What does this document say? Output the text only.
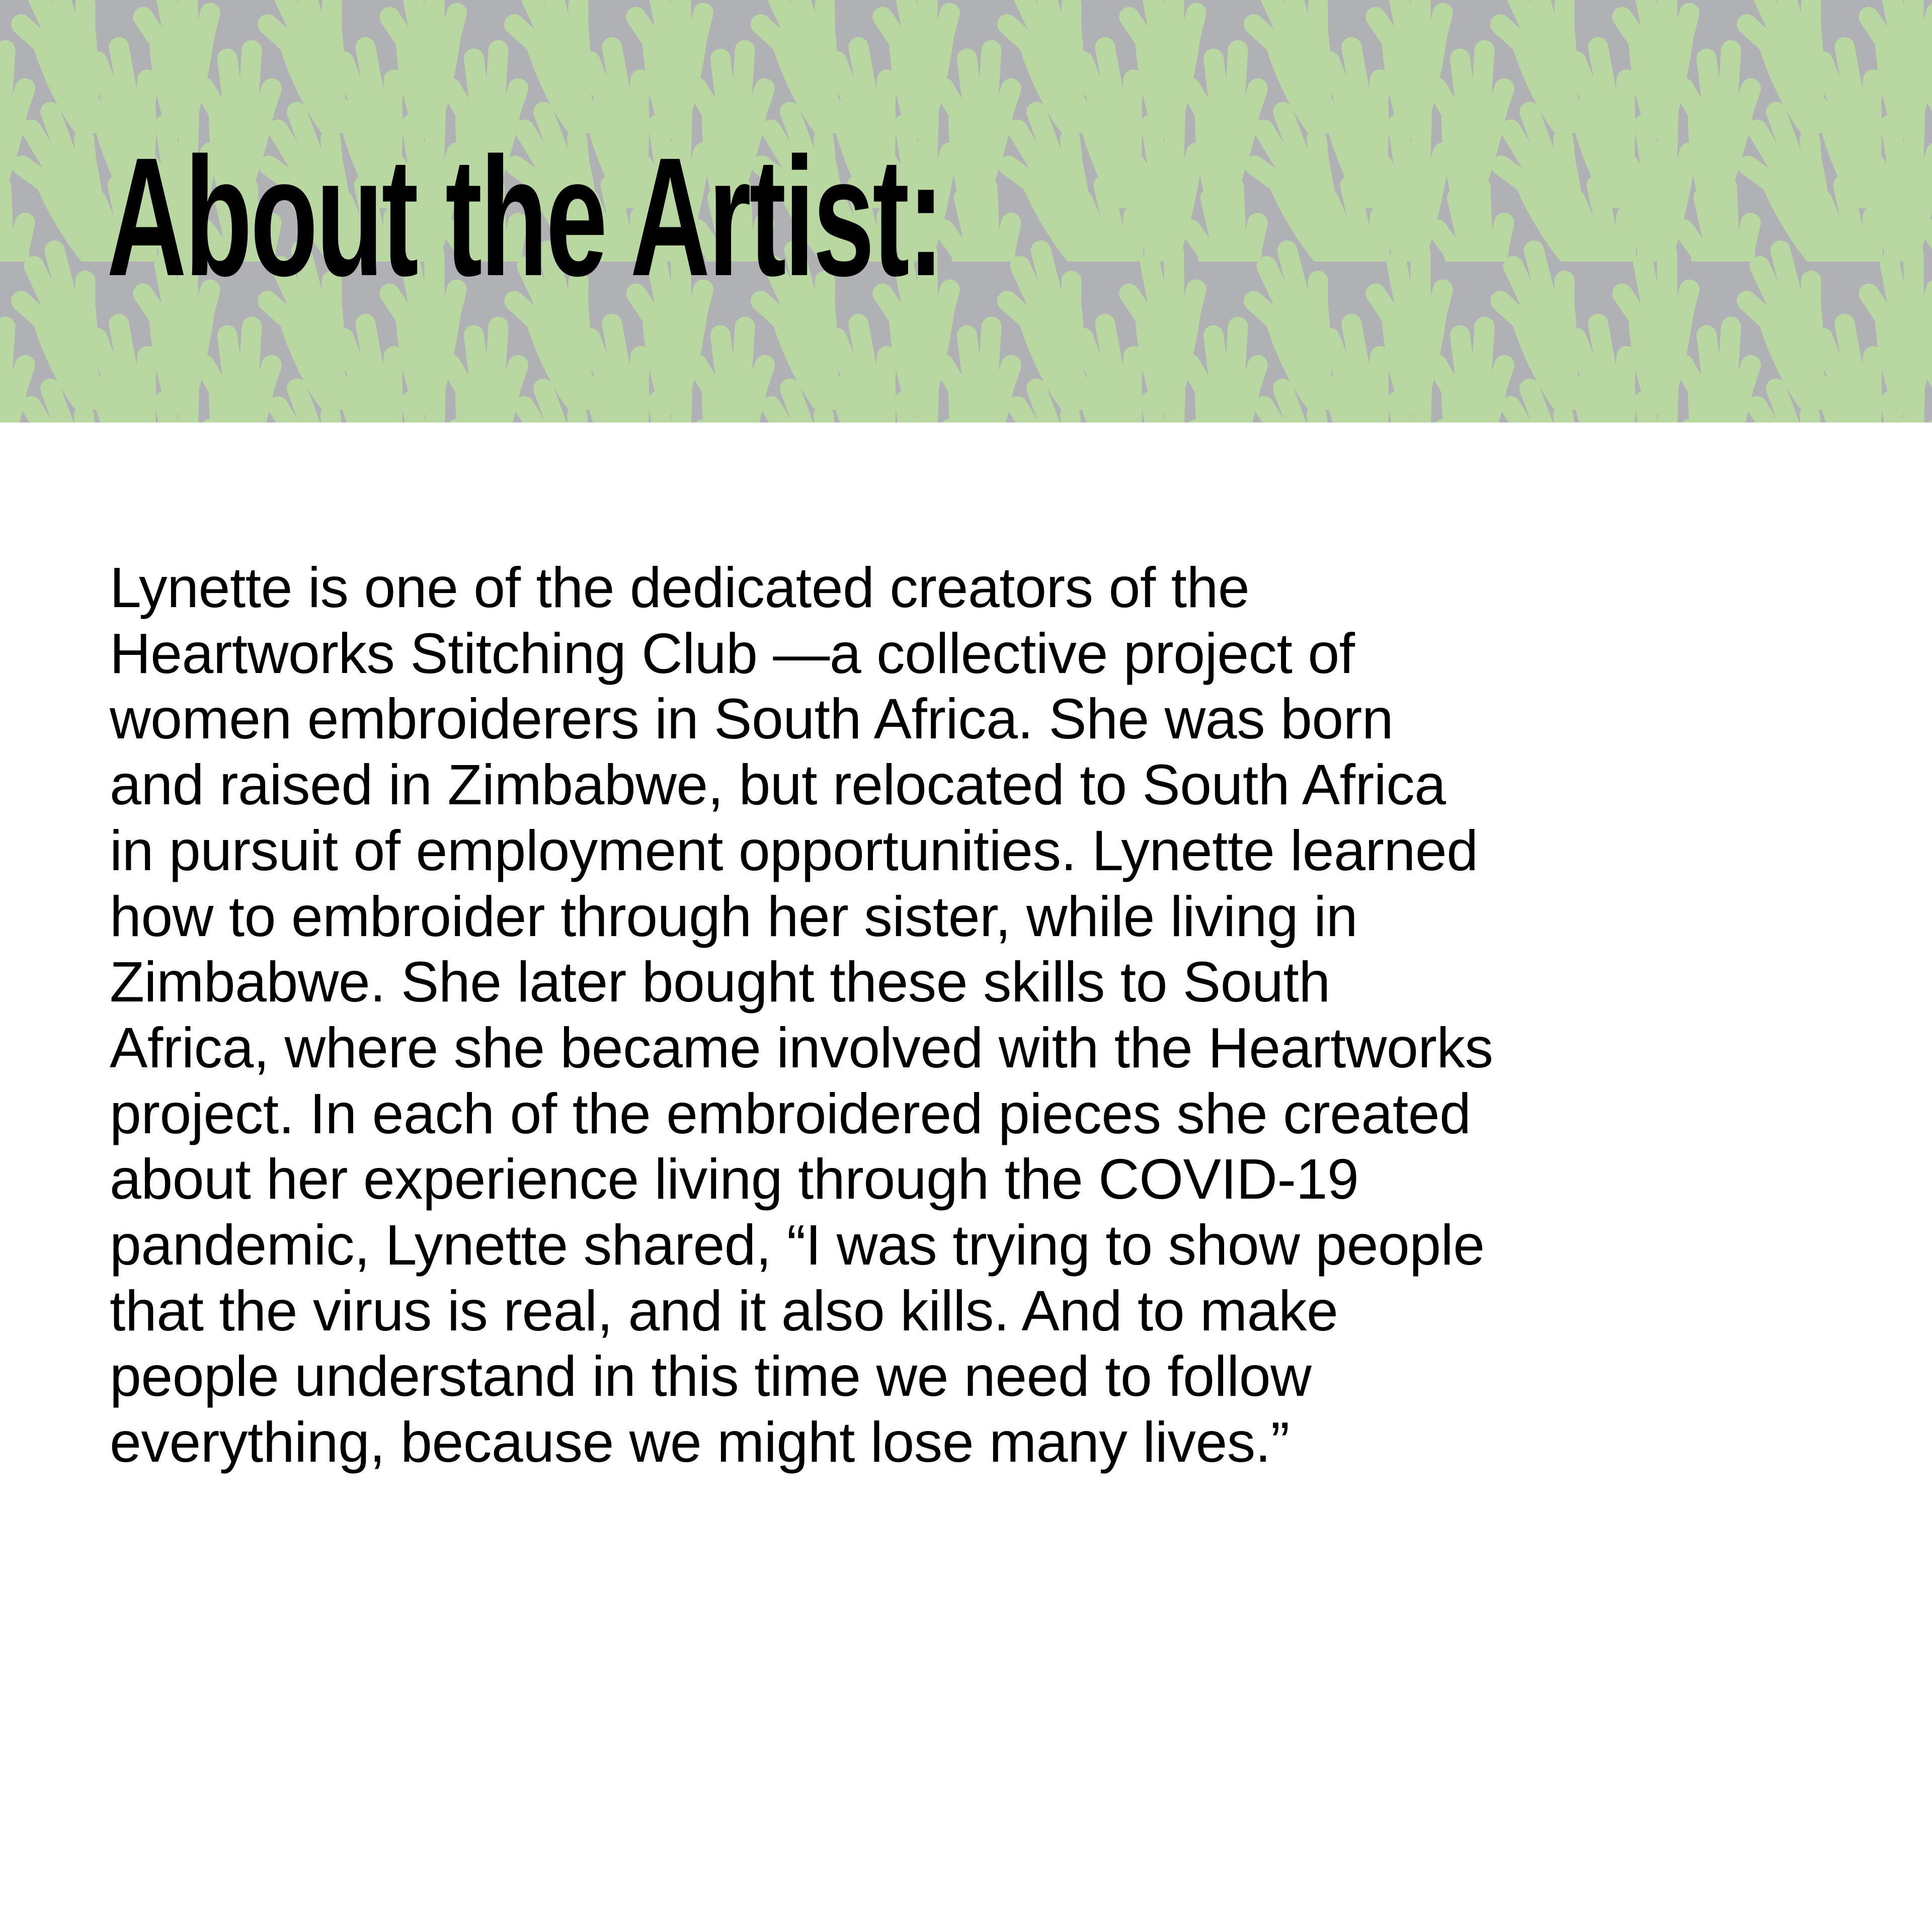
About the Artist:

Lynette is one of the dedicated creators of the
Heartworks Stitching Club —a collective project of
women embroiderers in South Africa. She was born
and raised in Zimbabwe, but relocated to South Africa
in pursuit of employment opportunities. Lynette learned
how to embroider through her sister, while living in
Zimbabwe. She later bought these skills to South
Africa, where she became involved with the Heartworks
project. In each of the embroidered pieces she created
about her experience living through the COVID-19
pandemic, Lynette shared, “I was trying to show people
that the virus is real, and it also kills. And to make
people understand in this time we need to follow
everything, because we might lose many lives.”
